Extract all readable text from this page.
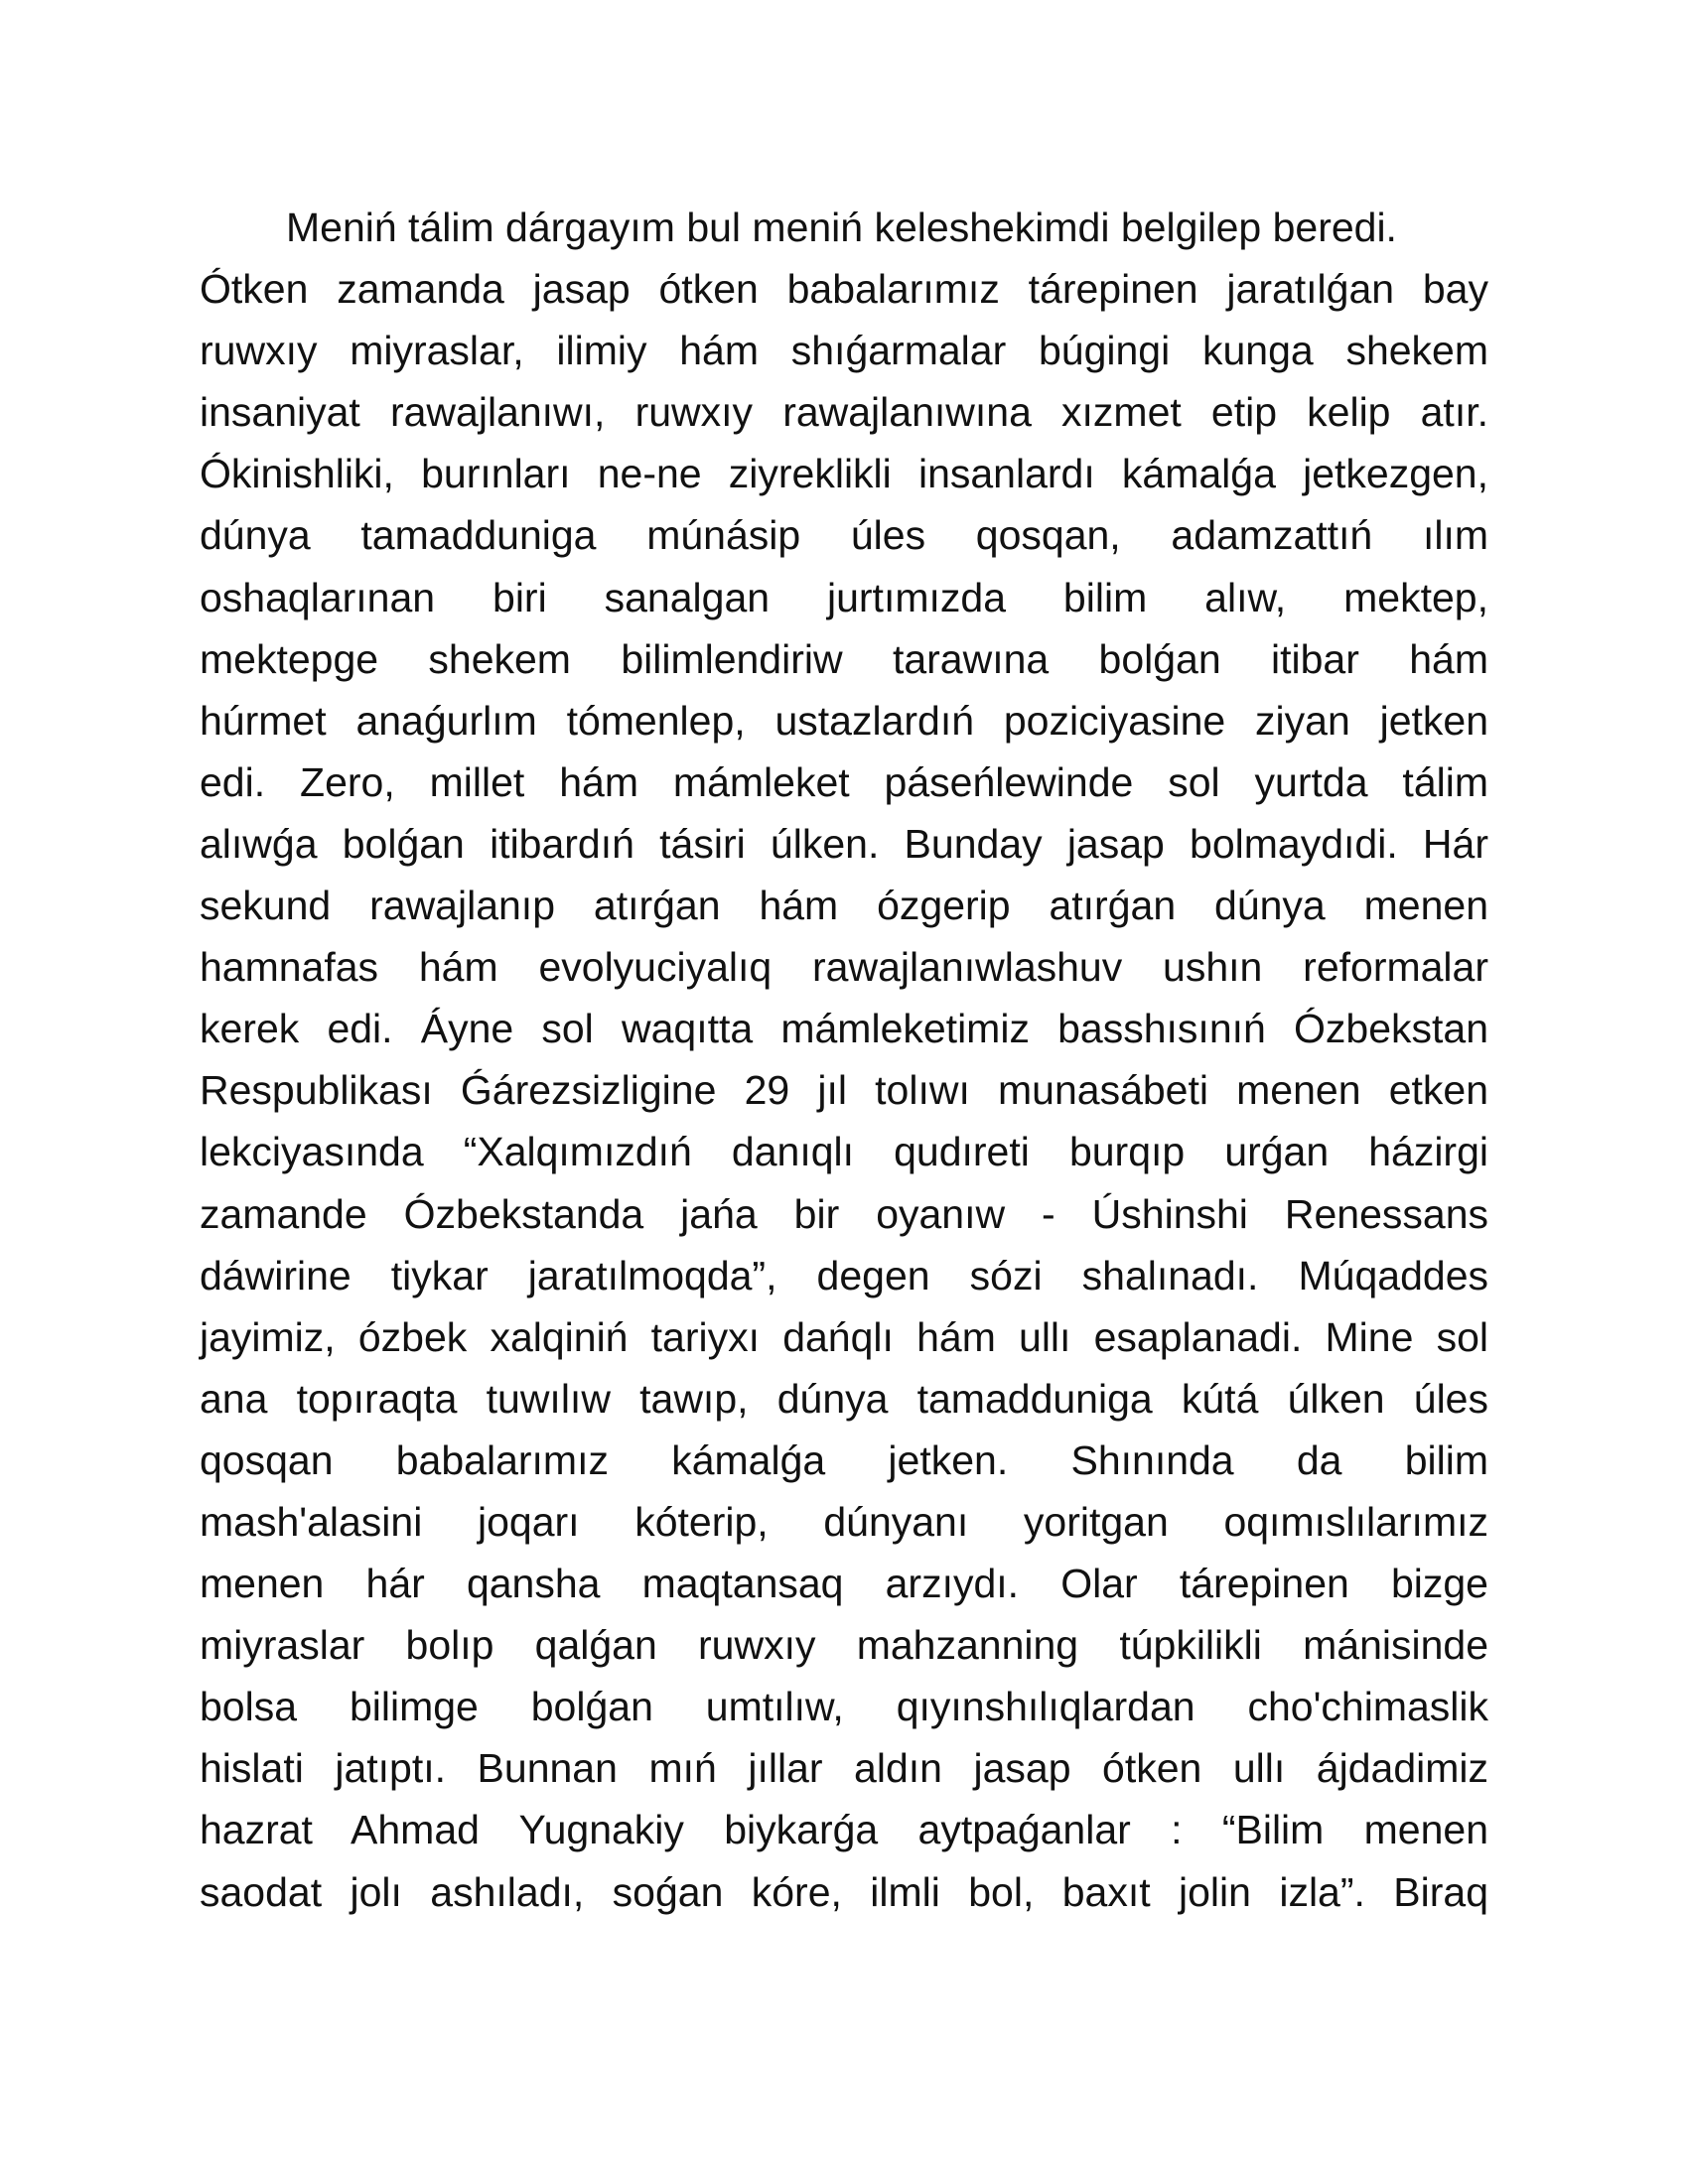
Meniń tálim dárgayım bul meniń keleshekimdi belgilep beredi.
Ótken zamanda jasap ótken babalarımız tárepinen jaratılǵan bay
ruwxıy miyraslar, ilimiy hám shıǵarmalar búgingi kunga shekem
insaniyat rawajlanıwı, ruwxıy rawajlanıwına xızmet etip kelip atır.
Ókinishliki, burınları ne-ne ziyreklikli insanlardı kámalǵa jetkezgen,
dúnya tamadduniga múnásip úles qosqan, adamzattıń ılım
oshaqlarınan biri sanalgan jurtımızda bilim alıw, mektep,
mektepge shekem bilimlendiriw tarawına bolǵan itibar hám
húrmet anaǵurlım tómenlep, ustazlardıń poziciyasine ziyan jetken
edi. Zero, millet hám mámleket páseńlewinde sol yurtda tálim
alıwǵa bolǵan itibardıń tásiri úlken. Bunday jasap bolmaydıdi. Hár
sekund rawajlanıp atırǵan hám ózgerip atırǵan dúnya menen
hamnafas hám evolyuciyalıq rawajlanıwlashuv ushın reformalar
kerek edi. Áyne sol waqıtta mámleketimiz basshısınıń Ózbekstan
Respublikası Ǵárezsizligine 29 jıl tolıwı munasábeti menen etken
lekciyasında “Xalqımızdıń danıqlı qudıreti burqıp urǵan házirgi
zamande Ózbekstanda jańa bir oyanıw - Úshinshi Renessans
dáwirine tiykar jaratılmoqda”, degen sózi shalınadı. Múqaddes
jayimiz, ózbek xalqiniń tariyxı dańqlı hám ullı esaplanadi. Mine sol
ana topıraqta tuwılıw tawıp, dúnya tamadduniga kútá úlken úles
qosqan babalarımız kámalǵa jetken. Shınında da bilim
mash'alasini joqarı kóterip, dúnyanı yoritgan oqımıslılarımız
menen hár qansha maqtansaq arzıydı. Olar tárepinen bizge
miyraslar bolıp qalǵan ruwxıy mahzanning túpkilikli mánisinde
bolsa bilimge bolǵan umtılıw, qıyınshılıqlardan cho'chimaslik
hislati jatıptı. Bunnan mıń jıllar aldın jasap ótken ullı ájdadimiz
hazrat Ahmad Yugnakiy biykarǵa aytpaǵanlar : “Bilim menen
saodat jolı ashıladı, soǵan kóre, ilmli bol, baxıt jolin izla”. Biraq
